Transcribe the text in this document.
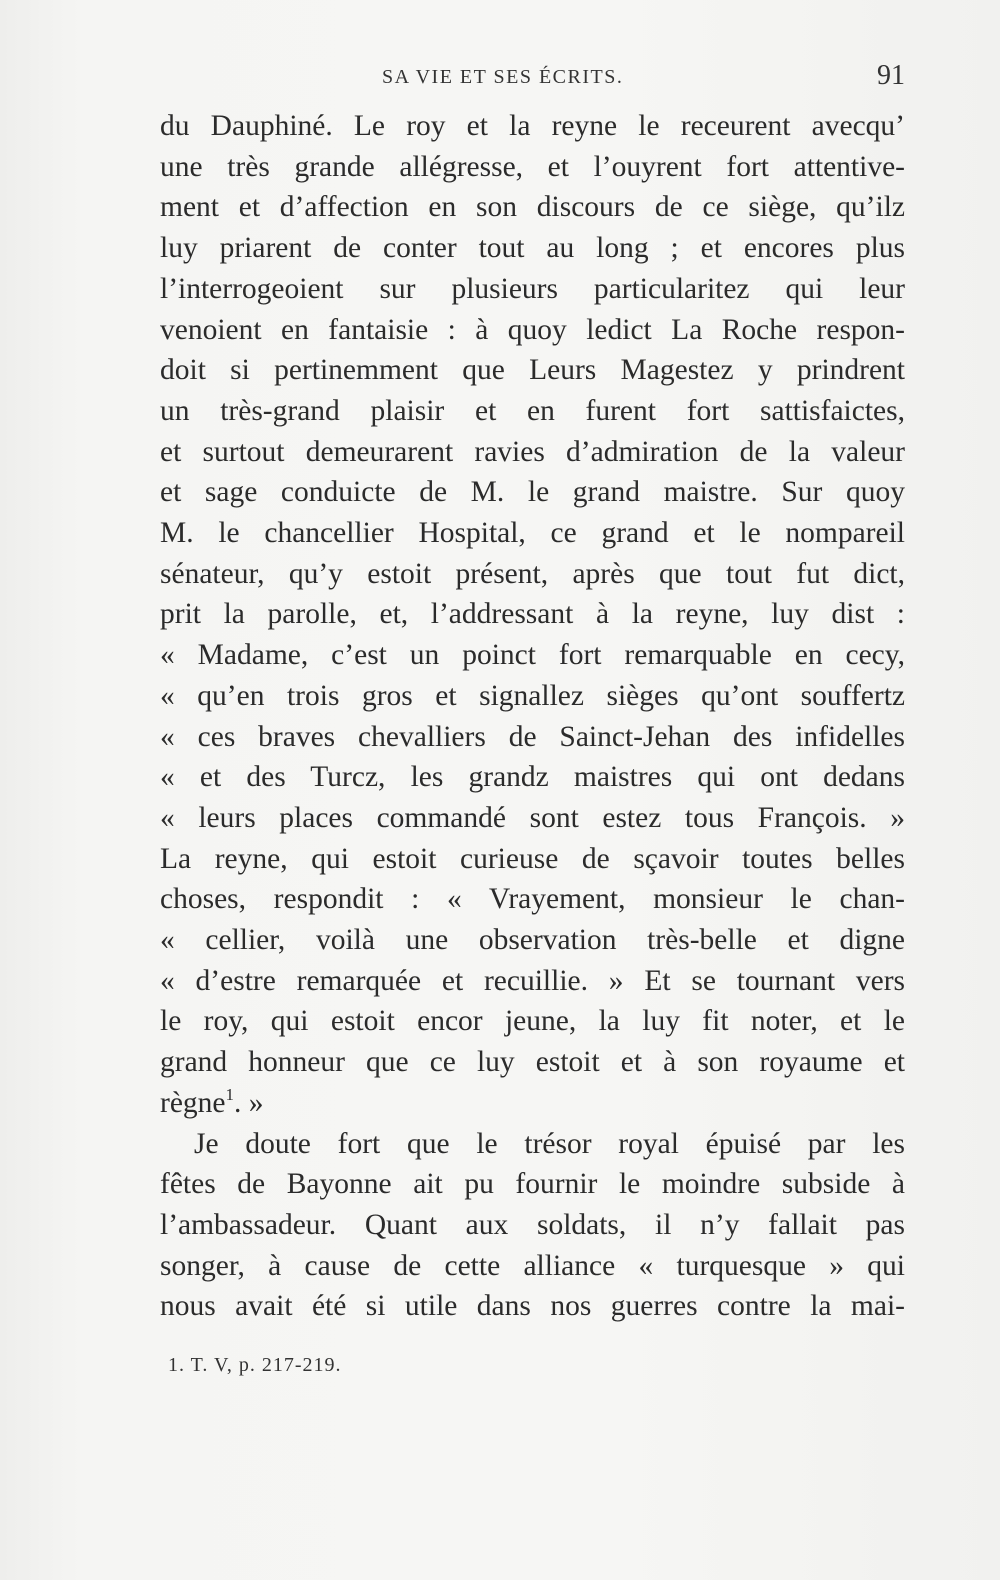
SA VIE ET SES ÉCRITS.	91
du Dauphiné. Le roy et la reyne le receurent avecqu’
une très grande allégresse, et l’ouyrent fort attentive-
ment et d’affection en son discours de ce siège, qu’ilz
luy priarent de conter tout au long ; et encores plus
l’interrogeoient sur plusieurs particularitez qui leur
venoient en fantaisie : à quoy ledict La Roche respon-
doit si pertinemment que Leurs Magestez y prindrent
un très-grand plaisir et en furent fort sattisfaictes,
et surtout demeurarent ravies d’admiration de la valeur
et sage conduicte de M. le grand maistre. Sur quoy
M. le chancellier Hospital, ce grand et le nompareil
sénateur, qu’y estoit présent, après que tout fut dict,
prit la parolle, et, l’addressant à la reyne, luy dist :
« Madame, c’est un poinct fort remarquable en cecy,
« qu’en trois gros et signallez sièges qu’ont souffertz
« ces braves chevalliers de Sainct-Jehan des infidelles
« et des Turcz, les grandz maistres qui ont dedans
« leurs places commandé sont estez tous François. »
La reyne, qui estoit curieuse de sçavoir toutes belles
choses, respondit : « Vrayement, monsieur le chan-
« cellier, voilà une observation très-belle et digne
« d’estre remarquée et recuillie. » Et se tournant vers
le roy, qui estoit encor jeune, la luy fit noter, et le
grand honneur que ce luy estoit et à son royaume et
règne$^1$. »
Je doute fort que le trésor royal épuisé par les
fêtes de Bayonne ait pu fournir le moindre subside à
l’ambassadeur. Quant aux soldats, il n’y fallait pas
songer, à cause de cette alliance « turquesque » qui
nous avait été si utile dans nos guerres contre la mai-
1. T. V, p. 217-219.
